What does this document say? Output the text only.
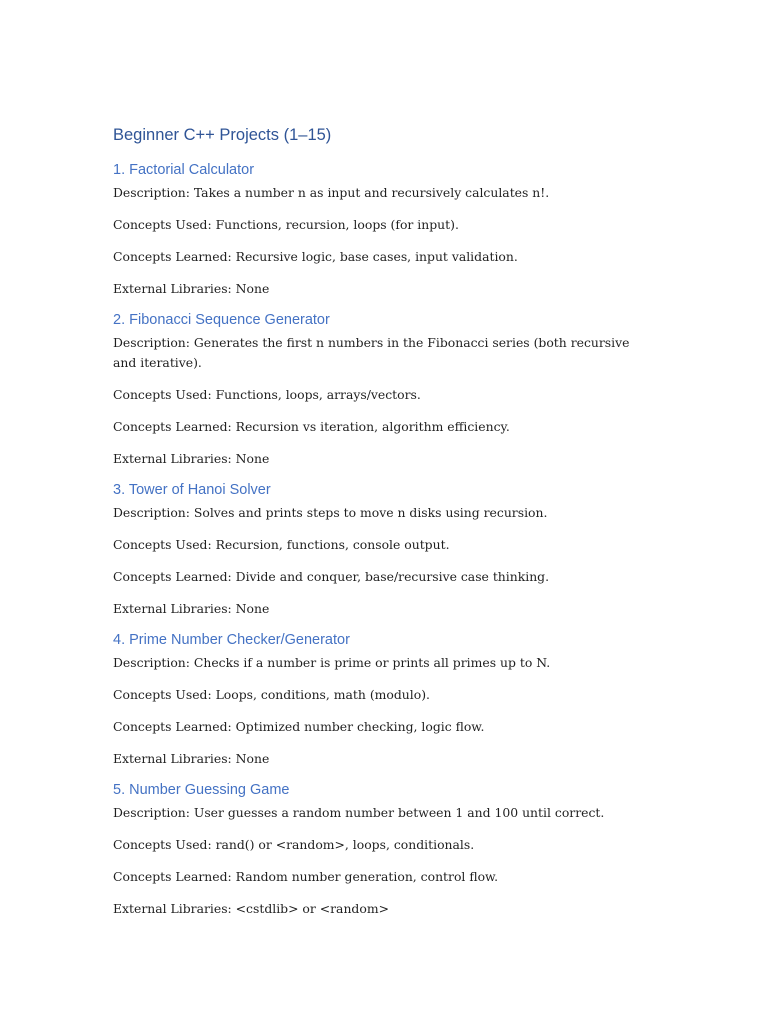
Beginner C++ Projects (1–15)
1. Factorial Calculator

Description: Takes a number n as input and recursively calculates n!.

Concepts Used: Functions, recursion, loops (for input).

Concepts Learned: Recursive logic, base cases, input validation.

External Libraries: None

2. Fibonacci Sequence Generator

Description: Generates the first n numbers in the Fibonacci series (both recursive and iterative).

Concepts Used: Functions, loops, arrays/vectors.

Concepts Learned: Recursion vs iteration, algorithm efficiency.

External Libraries: None

3. Tower of Hanoi Solver

Description: Solves and prints steps to move n disks using recursion.

Concepts Used: Recursion, functions, console output.

Concepts Learned: Divide and conquer, base/recursive case thinking.

External Libraries: None

4. Prime Number Checker/Generator

Description: Checks if a number is prime or prints all primes up to N.

Concepts Used: Loops, conditions, math (modulo).

Concepts Learned: Optimized number checking, logic flow.

External Libraries: None

5. Number Guessing Game

Description: User guesses a random number between 1 and 100 until correct.

Concepts Used: rand() or <random>, loops, conditionals.

Concepts Learned: Random number generation, control flow.

External Libraries: <cstdlib> or <random>
